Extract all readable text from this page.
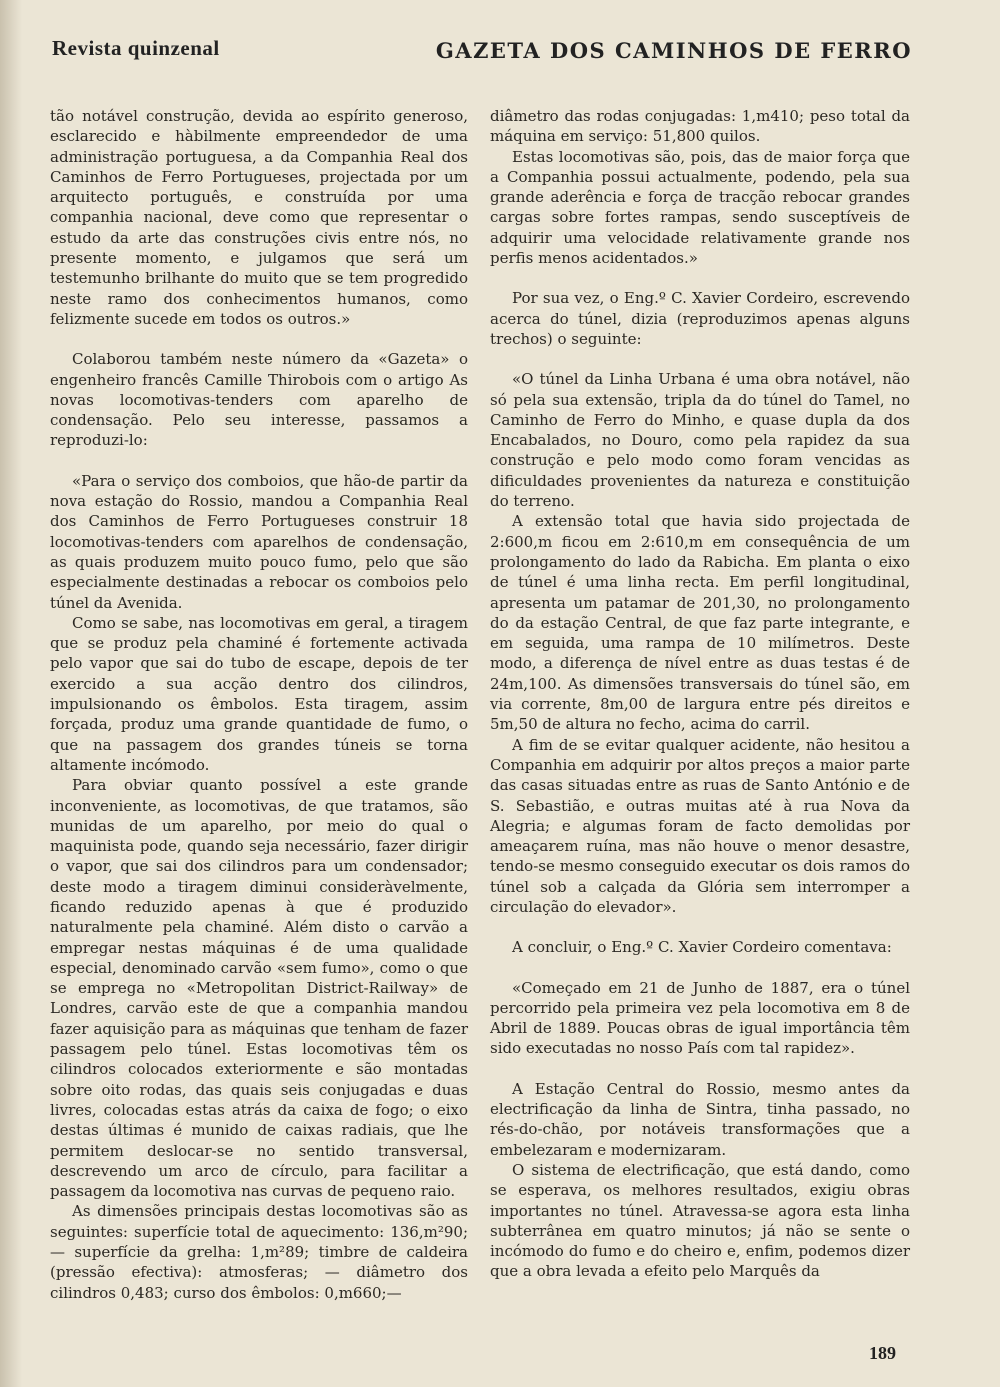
Revista quinzenal	GAZETA DOS CAMINHOS DE FERRO

tão notável construção, devida ao espírito generoso, esclarecido e hàbilmente empreendedor de uma administração portuguesa, a da Companhia Real dos Caminhos de Ferro Portugueses, projectada por um arquitecto português, e construída por uma companhia nacional, deve como que representar o estudo da arte das construções civis entre nós, no presente momento, e julgamos que será um testemunho brilhante do muito que se tem progredido neste ramo dos conhecimentos humanos, como felizmente sucede em todos os outros.»

Colaborou também neste número da «Gazeta» o engenheiro francês Camille Thirobois com o artigo As novas locomotivas-tenders com aparelho de condensação. Pelo seu interesse, passamos a reproduzi-lo:

«Para o serviço dos comboios, que hão-de partir da nova estação do Rossio, mandou a Companhia Real dos Caminhos de Ferro Portugueses construir 18 locomotivas-tenders com aparelhos de condensação, as quais produzem muito pouco fumo, pelo que são especialmente destinadas a rebocar os comboios pelo túnel da Avenida.

Como se sabe, nas locomotivas em geral, a tiragem que se produz pela chaminé é fortemente activada pelo vapor que sai do tubo de escape, depois de ter exercido a sua acção dentro dos cilindros, impulsionando os êmbolos. Esta tiragem, assim forçada, produz uma grande quantidade de fumo, o que na passagem dos grandes túneis se torna altamente incómodo.

Para obviar quanto possível a este grande inconveniente, as locomotivas, de que tratamos, são munidas de um aparelho, por meio do qual o maquinista pode, quando seja necessário, fazer dirigir o vapor, que sai dos cilindros para um condensador; deste modo a tiragem diminui consideràvelmente, ficando reduzido apenas à que é produzido naturalmente pela chaminé. Além disto o carvão a empregar nestas máquinas é de uma qualidade especial, denominado carvão «sem fumo», como o que se emprega no «Metropolitan District-Railway» de Londres, carvão este de que a companhia mandou fazer aquisição para as máquinas que tenham de fazer passagem pelo túnel. Estas locomotivas têm os cilindros colocados exteriormente e são montadas sobre oito rodas, das quais seis conjugadas e duas livres, colocadas estas atrás da caixa de fogo; o eixo destas últimas é munido de caixas radiais, que lhe permitem deslocar-se no sentido transversal, descrevendo um arco de círculo, para facilitar a passagem da locomotiva nas curvas de pequeno raio.

As dimensões principais destas locomotivas são as seguintes: superfície total de aquecimento: 136,m²90; — superfície da grelha: 1,m²89; timbre de caldeira (pressão efectiva): atmosferas; — diâmetro dos cilindros 0,483; curso dos êmbolos: 0,m660;—

diâmetro das rodas conjugadas: 1,m410; peso total da máquina em serviço: 51,800 quilos.

Estas locomotivas são, pois, das de maior força que a Companhia possui actualmente, podendo, pela sua grande aderência e força de tracção rebocar grandes cargas sobre fortes rampas, sendo susceptíveis de adquirir uma velocidade relativamente grande nos perfis menos acidentados.»

Por sua vez, o Eng.º C. Xavier Cordeiro, escrevendo acerca do túnel, dizia (reproduzimos apenas alguns trechos) o seguinte:

«O túnel da Linha Urbana é uma obra notável, não só pela sua extensão, tripla da do túnel do Tamel, no Caminho de Ferro do Minho, e quase dupla da dos Encabalados, no Douro, como pela rapidez da sua construção e pelo modo como foram vencidas as dificuldades provenientes da natureza e constituição do terreno.

A extensão total que havia sido projectada de 2:600,m ficou em 2:610,m em consequência de um prolongamento do lado da Rabicha. Em planta o eixo de túnel é uma linha recta. Em perfil longitudinal, apresenta um patamar de 201,30, no prolongamento do da estação Central, de que faz parte integrante, e em seguida, uma rampa de 10 milímetros. Deste modo, a diferença de nível entre as duas testas é de 24m,100. As dimensões transversais do túnel são, em via corrente, 8m,00 de largura entre pés direitos e 5m,50 de altura no fecho, acima do carril.

A fim de se evitar qualquer acidente, não hesitou a Companhia em adquirir por altos preços a maior parte das casas situadas entre as ruas de Santo António e de S. Sebastião, e outras muitas até à rua Nova da Alegria; e algumas foram de facto demolidas por ameaçarem ruína, mas não houve o menor desastre, tendo-se mesmo conseguido executar os dois ramos do túnel sob a calçada da Glória sem interromper a circulação do elevador».

A concluir, o Eng.º C. Xavier Cordeiro comentava:

«Começado em 21 de Junho de 1887, era o túnel percorrido pela primeira vez pela locomotiva em 8 de Abril de 1889. Poucas obras de igual importância têm sido executadas no nosso País com tal rapidez».

A Estação Central do Rossio, mesmo antes da electrificação da linha de Sintra, tinha passado, no rés-do-chão, por notáveis transformações que a embelezaram e modernizaram.

O sistema de electrificação, que está dando, como se esperava, os melhores resultados, exigiu obras importantes no túnel. Atravessa-se agora esta linha subterrânea em quatro minutos; já não se sente o incómodo do fumo e do cheiro e, enfim, podemos dizer que a obra levada a efeito pelo Marquês da

189
